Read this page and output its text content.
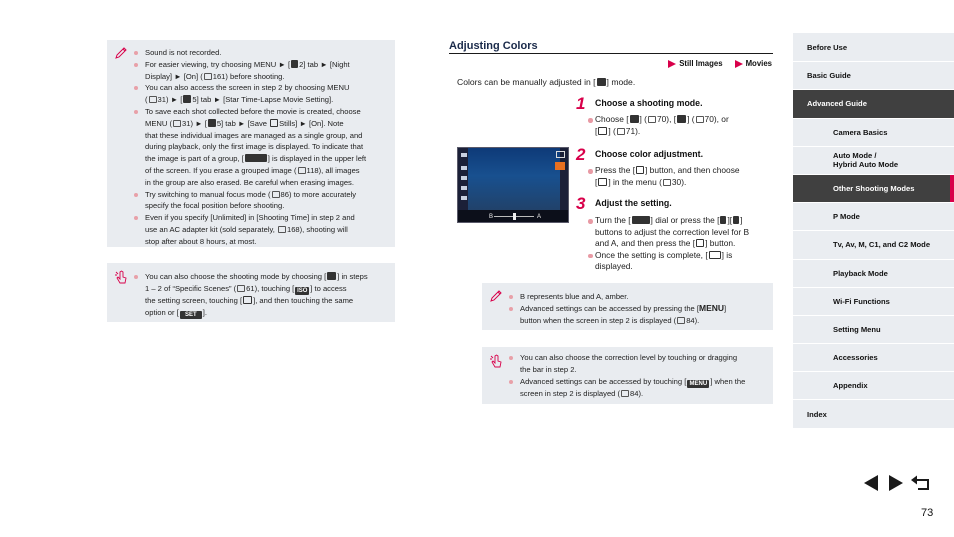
Sound is not recorded.
For easier viewing, try choosing MENU ► [ 2] tab ► [Night
Display] ► [On] ( 161) before shooting.
You can also access the screen in step 2 by choosing MENU
( 31) ► [ 5] tab ► [Star Time-Lapse Movie Setting].
To save each shot collected before the movie is created, choose
MENU ( 31) ► [ 5] tab ► [Save Stills] ► [On]. Note
that these individual images are managed as a single group, and
during playback, only the first image is displayed. To indicate that
the image is part of a group, [	] is displayed in the upper left
of the screen. If you erase a grouped image ( 118), all images
in the group are also erased. Be careful when erasing images.
Try switching to manual focus mode ( 86) to more accurately
specify the focal position before shooting.
Even if you specify [Unlimited] in [Shooting Time] in step 2 and
use an AC adapter kit (sold separately, 168), shooting will
stop after about 8 hours, at most.
You can also choose the shooting mode by choosing [ ] in steps
1 – 2 of “Specific Scenes” ( 61), touching [ ISO ] to access
the setting screen, touching [ ], and then touching the same
option or [ SET ].
Adjusting Colors
Still Images	Movies
Colors can be manually adjusted in [ ] mode.
B	A
1 Choose a shooting mode.
Choose [ ] ( 70), [ ] ( 70), or
[ ] ( 71).
2 Choose color adjustment.
Press the [ ] button, and then choose
[ ] in the menu ( 30).
3 Adjust the setting.
Turn the [ ] dial or press the [ ][ ]
buttons to adjust the correction level for B
and A, and then press the [ ] button.
Once the setting is complete, [ ] is
displayed.
B represents blue and A, amber.
Advanced settings can be accessed by pressing the [MENU]
button when the screen in step 2 is displayed ( 84).
You can also choose the correction level by touching or dragging
the bar in step 2.
Advanced settings can be accessed by touching [ MENU ] when the
screen in step 2 is displayed ( 84).
Before Use
Basic Guide
Advanced Guide
Camera Basics
Auto Mode /
Hybrid Auto Mode
Other Shooting Modes
P Mode
Tv, Av, M, C1, and C2 Mode
Playback Mode
Wi-Fi Functions
Setting Menu
Accessories
Appendix
Index
73
